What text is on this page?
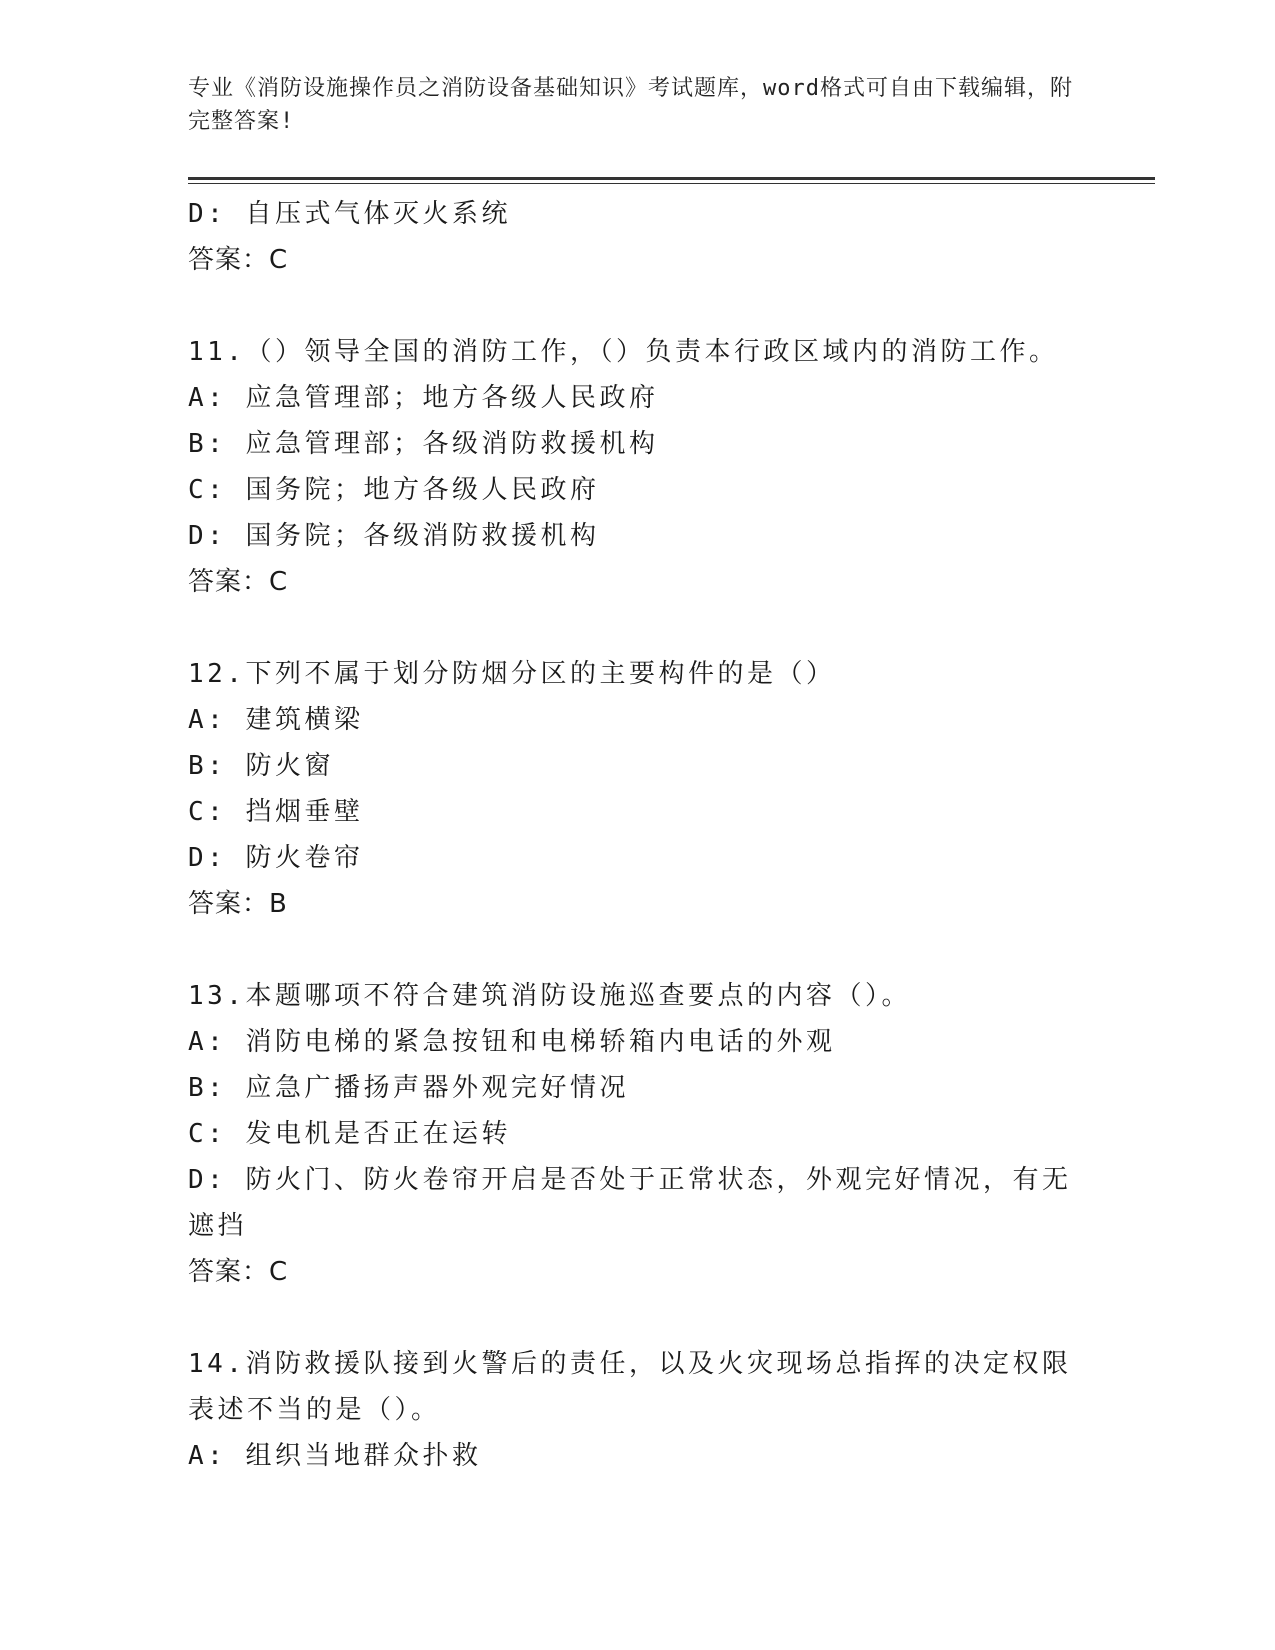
专业《消防设施操作员之消防设备基础知识》考试题库，word格式可自由下载编辑，附完整答案!
D: 自压式气体灭火系统
答案：C
11.（）领导全国的消防工作，（）负责本行政区域内的消防工作。
A: 应急管理部；地方各级人民政府
B: 应急管理部；各级消防救援机构
C: 国务院；地方各级人民政府
D: 国务院；各级消防救援机构
答案：C
12.下列不属于划分防烟分区的主要构件的是（）
A: 建筑横梁
B: 防火窗
C: 挡烟垂壁
D: 防火卷帘
答案：B
13.本题哪项不符合建筑消防设施巡查要点的内容（）。
A: 消防电梯的紧急按钮和电梯轿箱内电话的外观
B: 应急广播扬声器外观完好情况
C: 发电机是否正在运转
D: 防火门、防火卷帘开启是否处于正常状态，外观完好情况，有无遮挡
答案：C
14.消防救援队接到火警后的责任，以及火灾现场总指挥的决定权限表述不当的是（）。
A: 组织当地群众扑救
